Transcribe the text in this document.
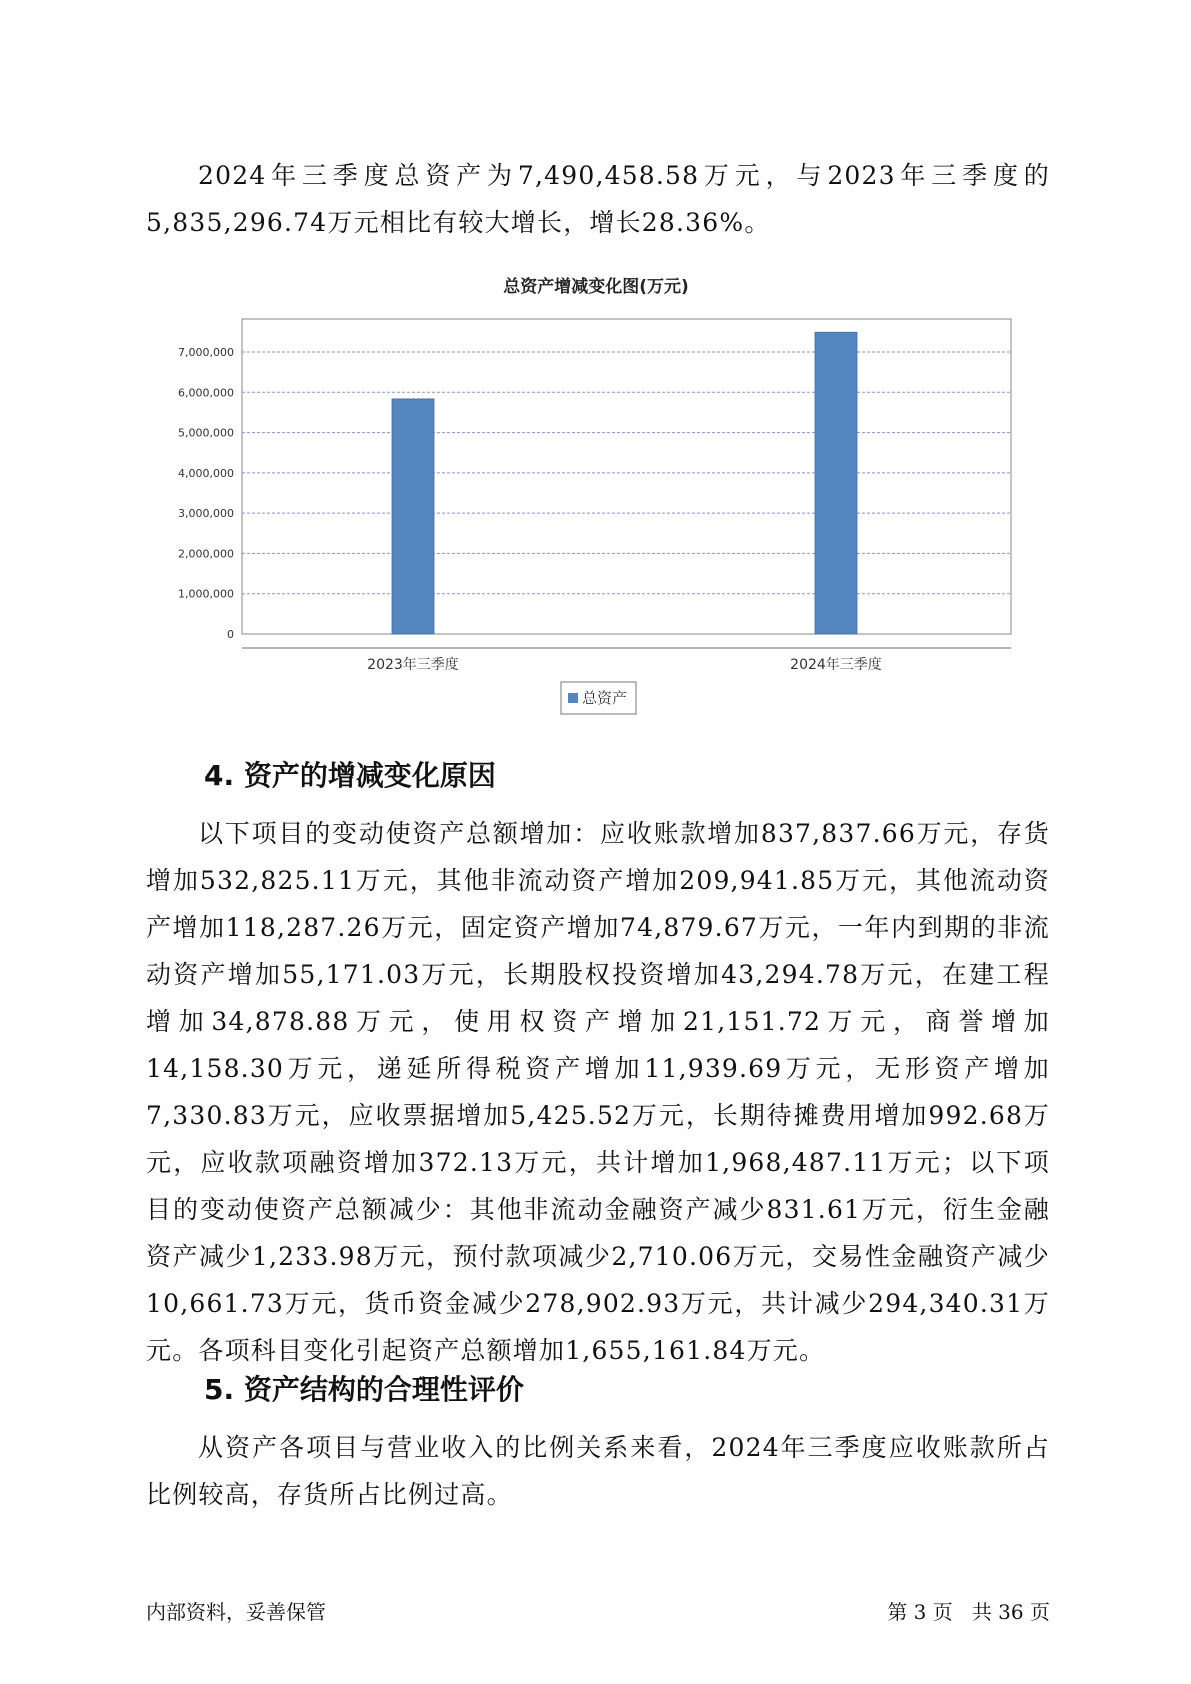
2024年三季度总资产为7,490,458.58万元，与2023年三季度的5,835,296.74万元相比有较大增长，增长28.36%。

总资产增减变化图(万元)
0
1,000,000
2,000,000
3,000,000
4,000,000
5,000,000
6,000,000
7,000,000
2023年三季度	2024年三季度
总资产
4. 资产的增减变化原因

以下项目的变动使资产总额增加：应收账款增加837,837.66万元，存货增加532,825.11万元，其他非流动资产增加209,941.85万元，其他流动资产增加118,287.26万元，固定资产增加74,879.67万元，一年内到期的非流动资产增加55,171.03万元，长期股权投资增加43,294.78万元，在建工程增加34,878.88万元，使用权资产增加21,151.72万元，商誉增加14,158.30万元，递延所得税资产增加11,939.69万元，无形资产增加7,330.83万元，应收票据增加5,425.52万元，长期待摊费用增加992.68万元，应收款项融资增加372.13万元，共计增加1,968,487.11万元；以下项目的变动使资产总额减少：其他非流动金融资产减少831.61万元，衍生金融资产减少1,233.98万元，预付款项减少2,710.06万元，交易性金融资产减少10,661.73万元，货币资金减少278,902.93万元，共计减少294,340.31万元。各项科目变化引起资产总额增加1,655,161.84万元。

5. 资产结构的合理性评价

从资产各项目与营业收入的比例关系来看，2024年三季度应收账款所占比例较高，存货所占比例过高。

内部资料，妥善保管	第 3 页   共 36 页
